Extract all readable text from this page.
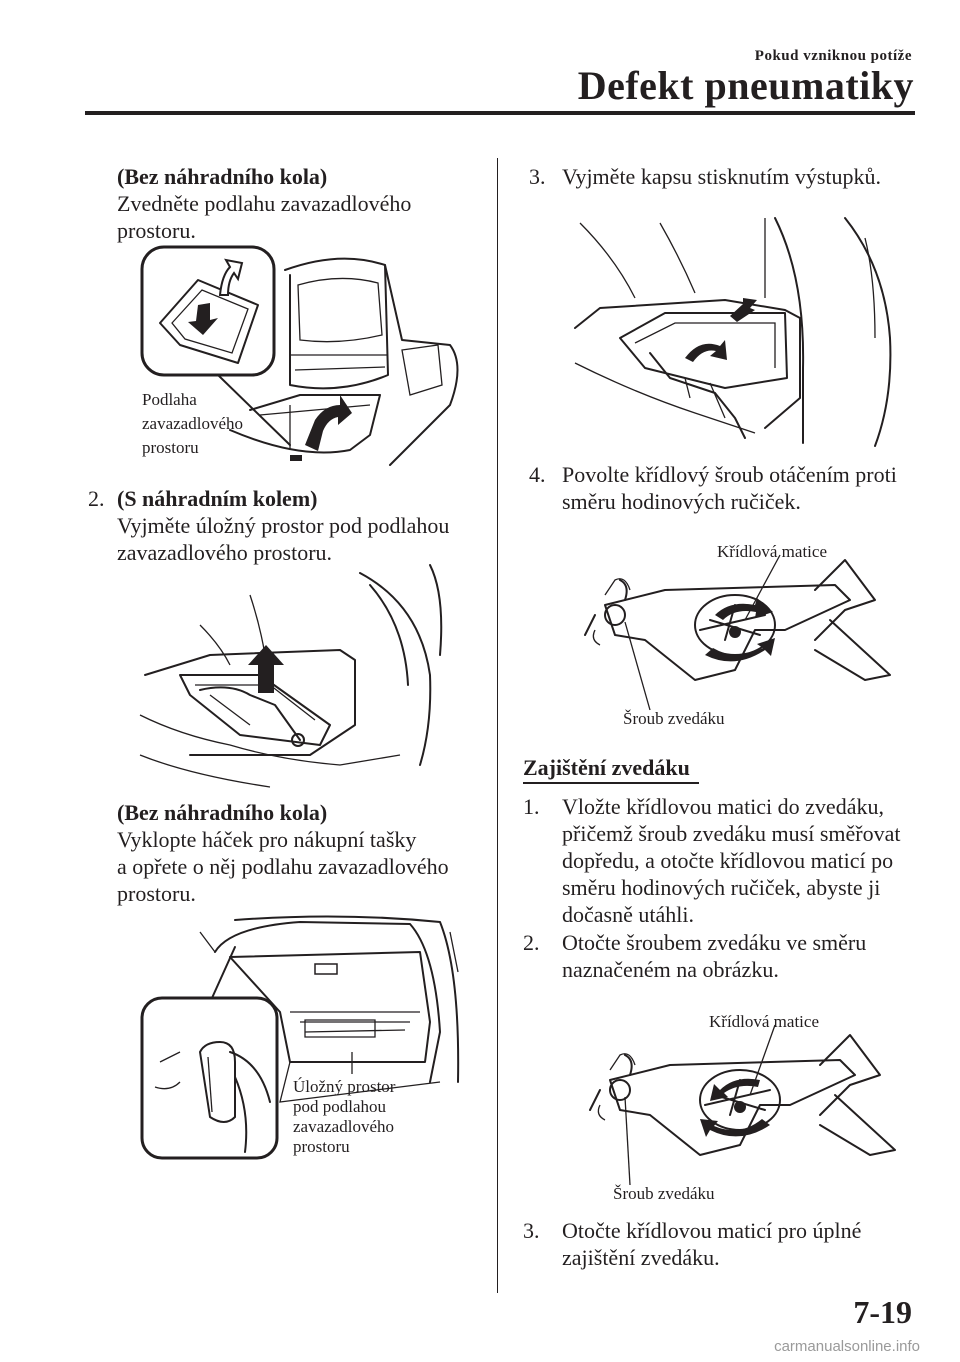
Pokud vzniknou potíže
Defekt pneumatiky
(Bez náhradního kola)
Zvedněte podlahu zavazadlového
prostoru.
Podlaha
zavazadlového
prostoru
2. (S náhradním kolem)
Vyjměte úložný prostor pod podlahou
zavazadlového prostoru.
(Bez náhradního kola)
Vyklopte háček pro nákupní tašky
a opřete o něj podlahu zavazadlového
prostoru.
Úložný prostor
pod podlahou
zavazadlového
prostoru
3. Vyjměte kapsu stisknutím výstupků.
4. Povolte křídlový šroub otáčením proti
směru hodinových ručiček.
Křídlová matice
Šroub zvedáku
Zajištění zvedáku
1. Vložte křídlovou matici do zvedáku,
přičemž šroub zvedáku musí směřovat
dopředu, a otočte křídlovou maticí po
směru hodinových ručiček, abyste ji
dočasně utáhli.
2. Otočte šroubem zvedáku ve směru
naznačeném na obrázku.
Křídlová matice
Šroub zvedáku
3. Otočte křídlovou maticí pro úplné
zajištění zvedáku.
7-19
carmanualsonline.info
